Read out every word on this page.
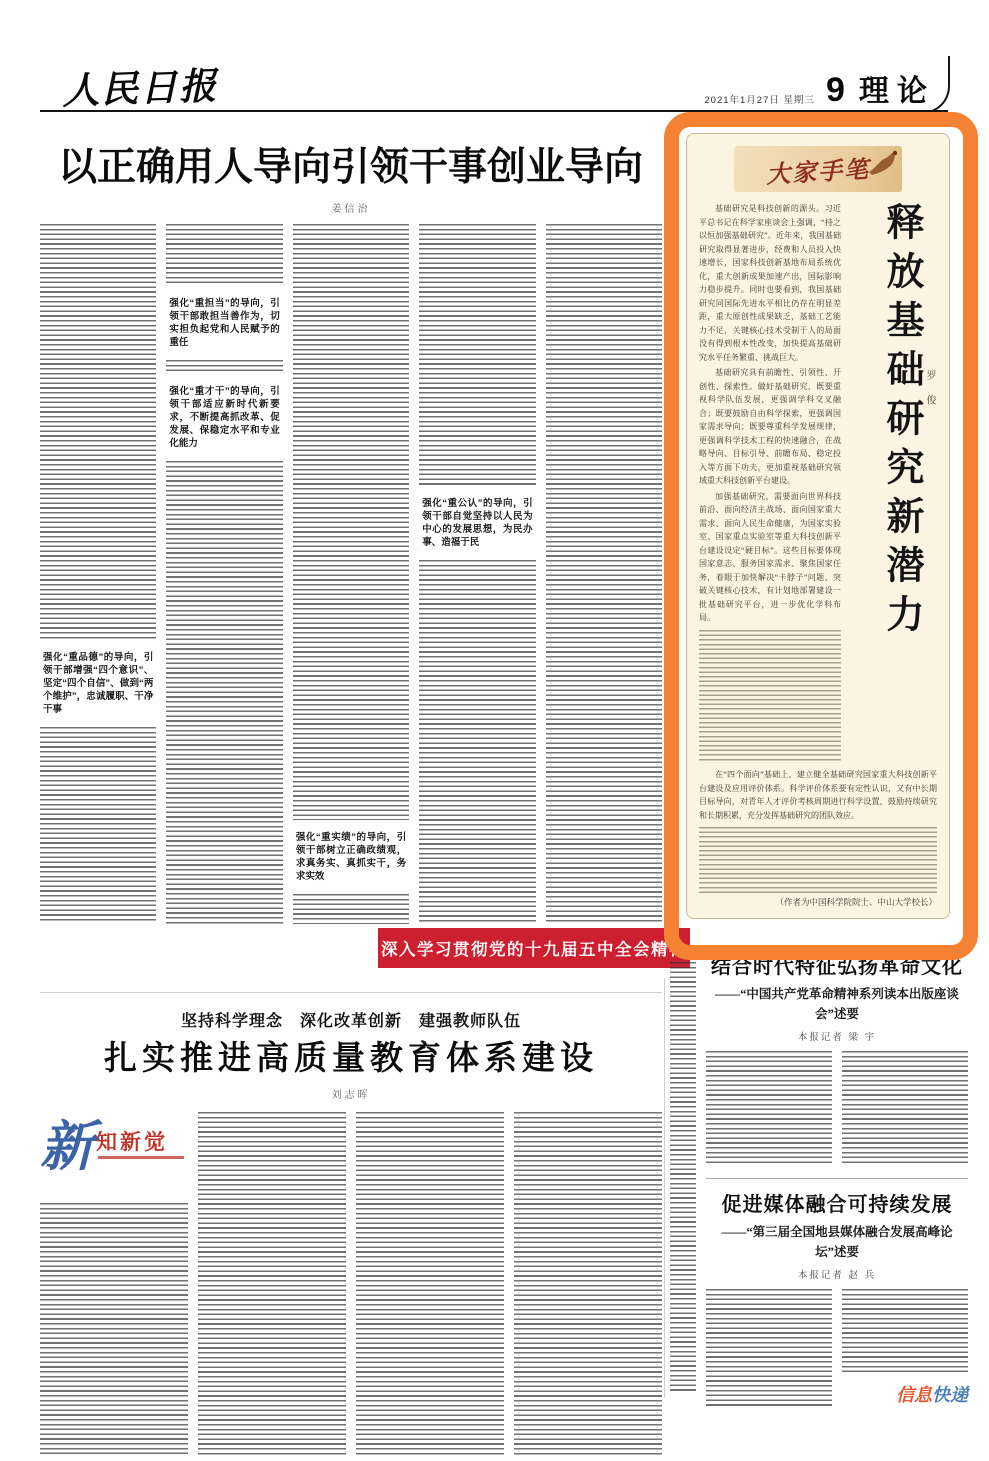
人民日报	2021年1月27日 星期三 9 理论
以正确用人导向引领干事创业导向
姜信治
强化“重品德”的导向，引领干部增强“四个意识”、坚定“四个自信”、做到“两个维护”，忠诚履职、干净干事
强化“重担当”的导向，引领干部敢担当善作为，切实担负起党和人民赋予的重任
强化“重才干”的导向，引领干部适应新时代新要求，不断提高抓改革、促发展、保稳定水平和专业化能力
强化“重实绩”的导向，引领干部树立正确政绩观，求真务实、真抓实干，务求实效
强化“重公认”的导向，引领干部自觉坚持以人民为中心的发展思想，为民办事、造福于民
深入学习贯彻党的十九届五中全会精神
坚持科学理念　深化改革创新　建强教师队伍
扎实推进高质量教育体系建设
刘志晖
新 知新觉
结合时代特征弘扬革命文化
——“中国共产党革命精神系列读本出版座谈会”述要
本报记者 梁 宇
促进媒体融合可持续发展
——“第三届全国地县媒体融合发展高峰论坛”述要
本报记者 赵 兵
信息快递
大家手笔

基础研究是科技创新的源头。习近平总书记在科学家座谈会上强调，“持之以恒加强基础研究”。近年来，我国基础研究取得显著进步，经费和人员投入快速增长，国家科技创新基地布局系统优化，重大创新成果加速产出，国际影响力稳步提升。同时也要看到，我国基础研究同国际先进水平相比仍存在明显差距，重大原创性成果缺乏，基础工艺能力不足，关键核心技术受制于人的局面没有得到根本性改变，加快提高基础研究水平任务繁重、挑战巨大。

基础研究具有前瞻性、引领性、开创性、探索性。做好基础研究，既要重视科学队伍发展，更强调学科交叉融合；既要鼓励自由科学探索，更强调国家需求导向；既要尊重科学发展规律，更强调科学技术工程的快速融合，在战略导向、目标引导、前瞻布局、稳定投入等方面下功夫，更加重视基础研究领域重大科技创新平台建设。

加强基础研究，需要面向世界科技前沿、面向经济主战场、面向国家重大需求、面向人民生命健康，为国家实验室、国家重点实验室等重大科技创新平台建设设定“硬目标”。这些目标要体现国家意志、服务国家需求、聚焦国家任务，着眼于加快解决“卡脖子”问题、突破关键核心技术，有计划地部署建设一批基础研究平台，进一步优化学科布局。	释放基础研究新潜力 罗 俊

在“四个面向”基础上，建立健全基础研究国家重大科技创新平台建设及应用评价体系。科学评价体系要有定性认识，又有中长期目标导向，对青年人才评价考核周期进行科学设置，鼓励持续研究和长期积累，充分发挥基础研究的团队效应。

（作者为中国科学院院士、中山大学校长）
